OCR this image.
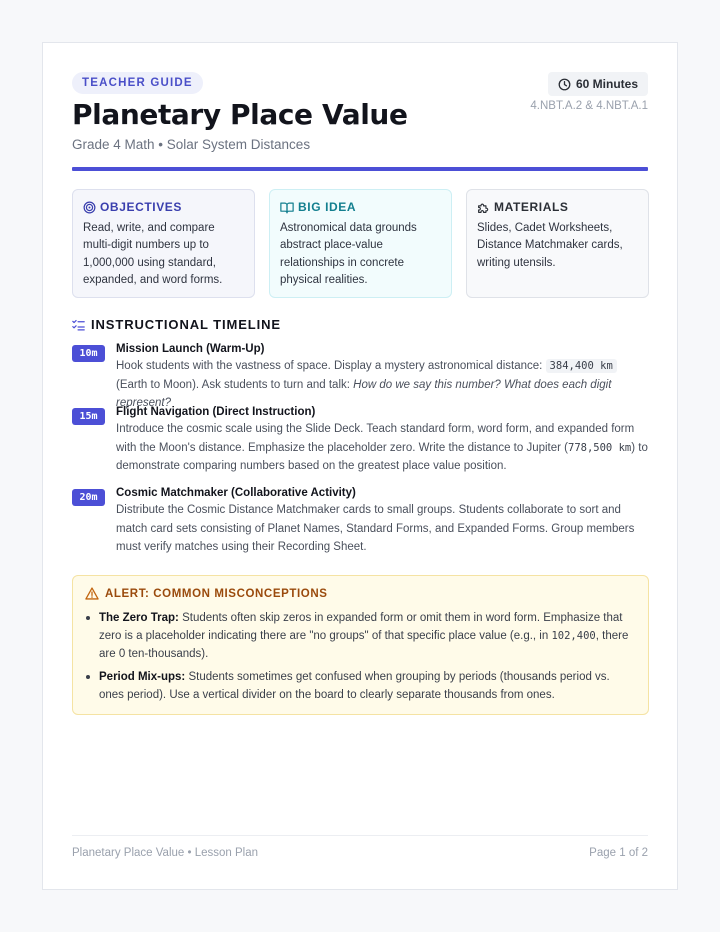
TEACHER GUIDE
Planetary Place Value
Grade 4 Math • Solar System Distances
60 Minutes
4.NBT.A.2 & 4.NBT.A.1
OBJECTIVES

Read, write, and compare multi-digit numbers up to 1,000,000 using standard, expanded, and word forms.

BIG IDEA

Astronomical data grounds abstract place-value relationships in concrete physical realities.

MATERIALS

Slides, Cadet Worksheets, Distance Matchmaker cards, writing utensils.

INSTRUCTIONAL TIMELINE
10m	Mission Launch (Warm-Up)
Hook students with the vastness of space. Display a mystery astronomical distance: 384,400 km (Earth to Moon). Ask students to turn and talk: How do we say this number? What does each digit represent?
15m	Flight Navigation (Direct Instruction)
Introduce the cosmic scale using the Slide Deck. Teach standard form, word form, and expanded form with the Moon's distance. Emphasize the placeholder zero. Write the distance to Jupiter (778,500 km) to demonstrate comparing numbers based on the greatest place value position.
20m	Cosmic Matchmaker (Collaborative Activity)
Distribute the Cosmic Distance Matchmaker cards to small groups. Students collaborate to sort and match card sets consisting of Planet Names, Standard Forms, and Expanded Forms. Group members must verify matches using their Recording Sheet.
ALERT: COMMON MISCONCEPTIONS
The Zero Trap: Students often skip zeros in expanded form or omit them in word form. Emphasize that zero is a placeholder indicating there are "no groups" of that specific place value (e.g., in 102,400, there are 0 ten-thousands).
Period Mix-ups: Students sometimes get confused when grouping by periods (thousands period vs. ones period). Use a vertical divider on the board to clearly separate thousands from ones.
Planetary Place Value • Lesson Plan	Page 1 of 2
